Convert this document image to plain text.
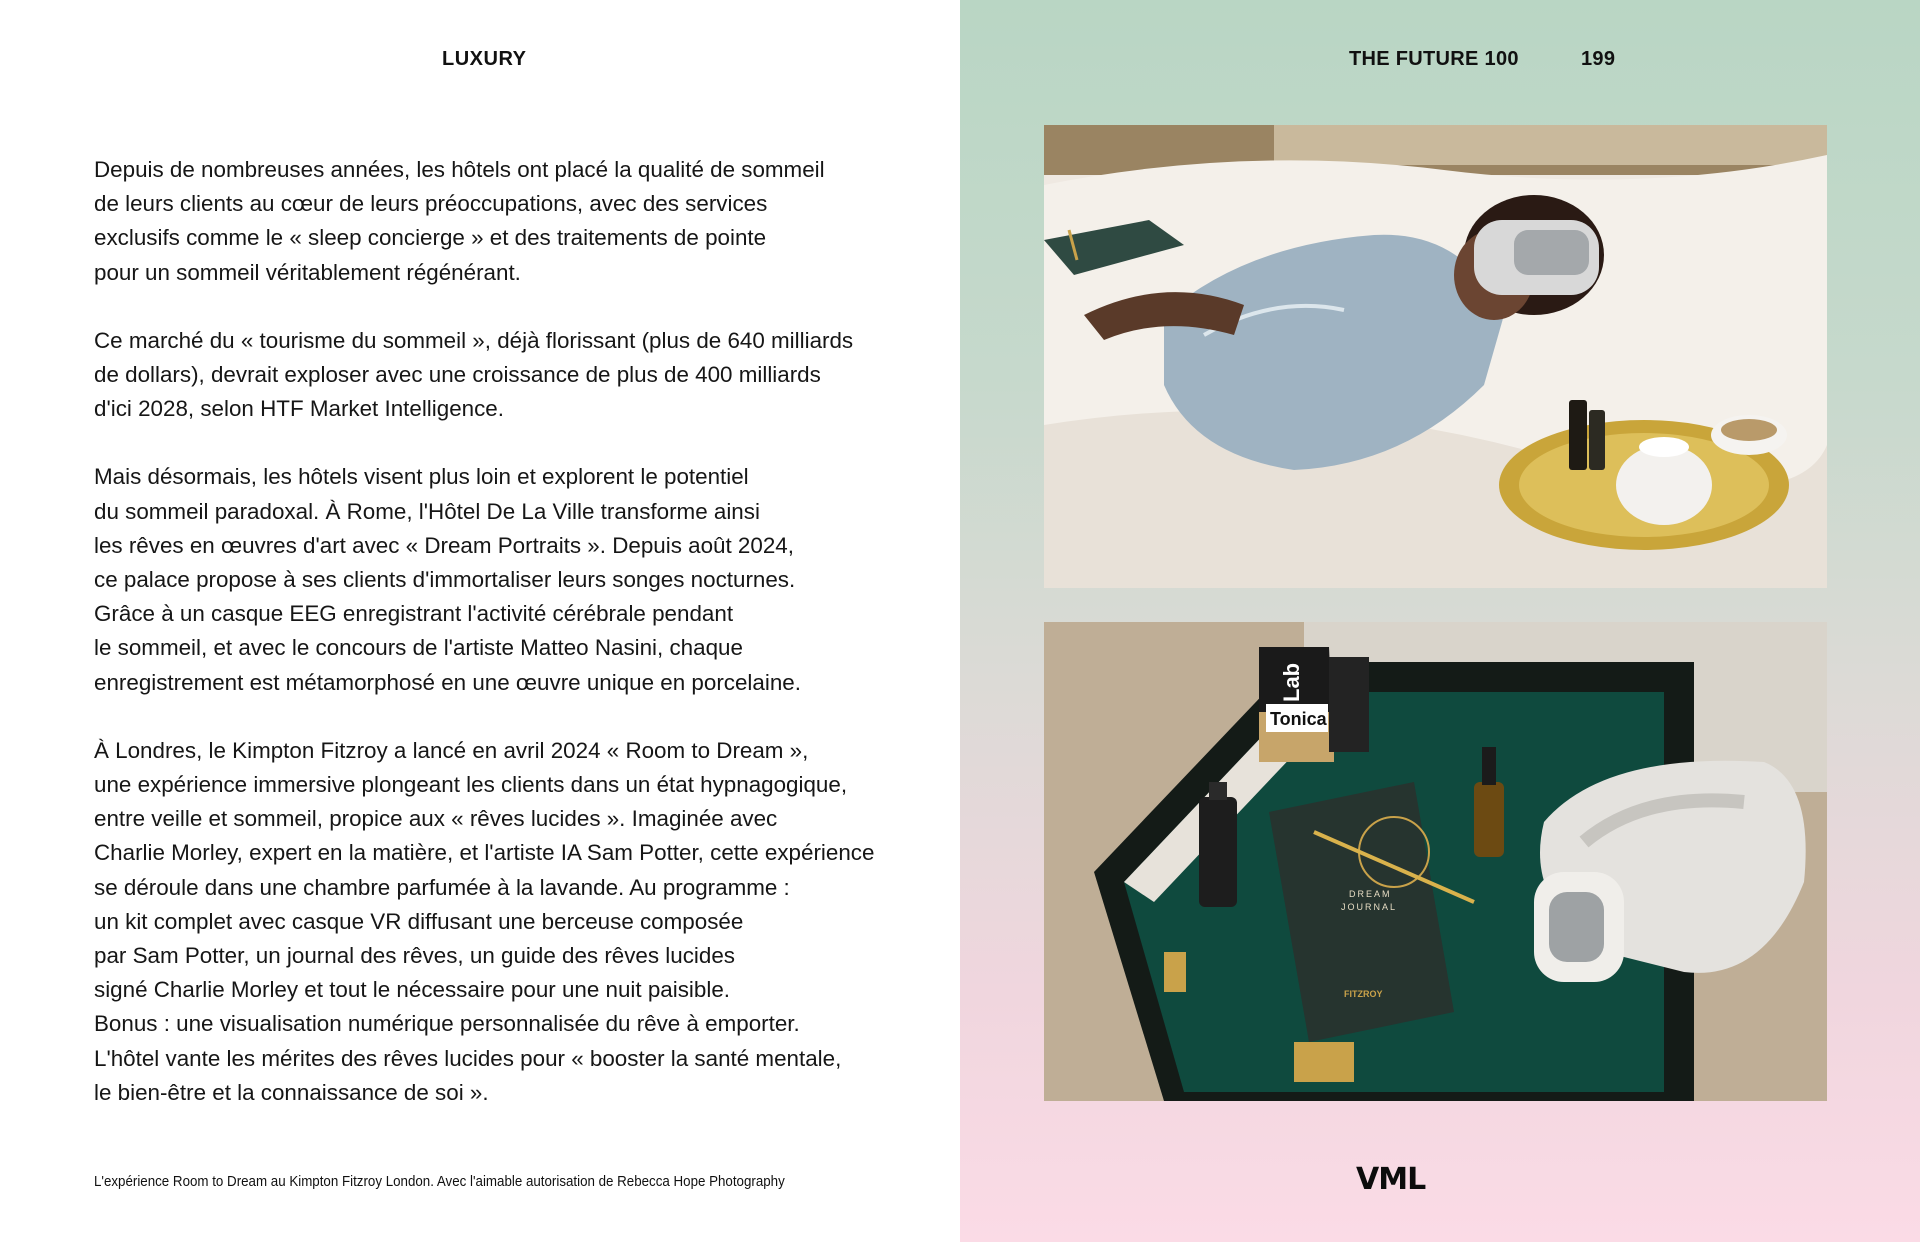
LUXURY

Depuis de nombreuses années, les hôtels ont placé la qualité de sommeil
de leurs clients au cœur de leurs préoccupations, avec des services
exclusifs comme le « sleep concierge » et des traitements de pointe
pour un sommeil véritablement régénérant.

Ce marché du « tourisme du sommeil », déjà florissant (plus de 640 milliards
de dollars), devrait exploser avec une croissance de plus de 400 milliards
d'ici 2028, selon HTF Market Intelligence.

Mais désormais, les hôtels visent plus loin et explorent le potentiel
du sommeil paradoxal. À Rome, l'Hôtel De La Ville transforme ainsi
les rêves en œuvres d'art avec « Dream Portraits ». Depuis août 2024,
ce palace propose à ses clients d'immortaliser leurs songes nocturnes.
Grâce à un casque EEG enregistrant l'activité cérébrale pendant
le sommeil, et avec le concours de l'artiste Matteo Nasini, chaque
enregistrement est métamorphosé en une œuvre unique en porcelaine.

À Londres, le Kimpton Fitzroy a lancé en avril 2024 « Room to Dream »,
une expérience immersive plongeant les clients dans un état hypnagogique,
entre veille et sommeil, propice aux « rêves lucides ». Imaginée avec
Charlie Morley, expert en la matière, et l'artiste IA Sam Potter, cette expérience
se déroule dans une chambre parfumée à la lavande. Au programme :
un kit complet avec casque VR diffusant une berceuse composée
par Sam Potter, un journal des rêves, un guide des rêves lucides
signé Charlie Morley et tout le nécessaire pour une nuit paisible.
Bonus : une visualisation numérique personnalisée du rêve à emporter.
L'hôtel vante les mérites des rêves lucides pour « booster la santé mentale,
le bien-être et la connaissance de soi ».

L'expérience Room to Dream au Kimpton Fitzroy London. Avec l'aimable autorisation de Rebecca Hope Photography
THE FUTURE 100	199
Lab
Tonica
DREAM
JOURNAL
FITZROY
VML
